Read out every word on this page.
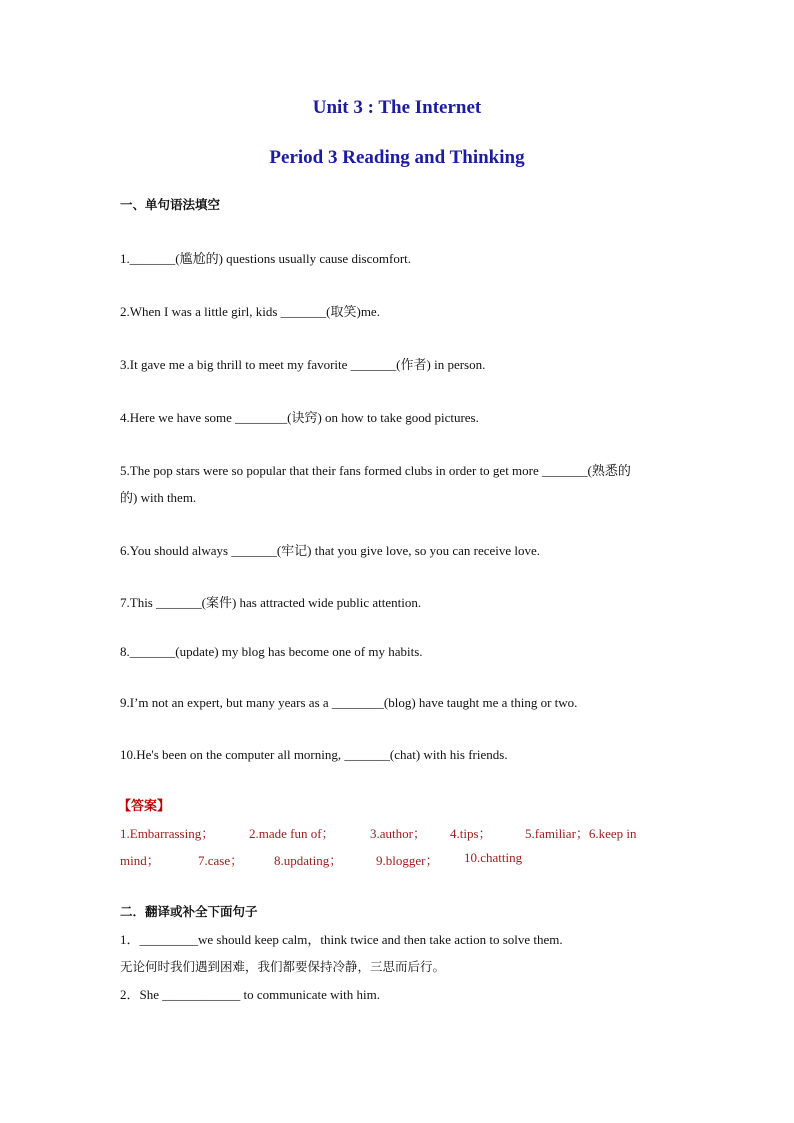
Unit 3 : The Internet
Period 3 Reading and Thinking
一、单句语法填空
1._______(尴尬的) questions usually cause discomfort.
2.When I was a little girl, kids _______(取笑)me.
3.It gave me a big thrill to meet my favorite _______(作者) in person.
4.Here we have some ________(诀窍) on how to take good pictures.
5.The pop stars were so popular that their fans formed clubs in order to get more _______(熟悉的
的) with them.
6.You should always _______(牢记) that you give love, so you can receive love.
7.This _______(案件) has attracted wide public attention.
8._______(update) my blog has become one of my habits.
9.I’m not an expert, but many years as a ________(blog) have taught me a thing or two.
10.He's been on the computer all morning, _______(chat) with his friends.
【答案】
1.Embarrassing；	2.made fun of；	3.author； 4.tips；	5.familiar；6.keep in
mind；	7.case； 8.updating；	9.blogger； 10.chatting
二．翻译或补全下面句子
1．_________we should keep calm，think twice and then take action to solve them.
无论何时我们遇到困难，我们都要保持冷静，三思而后行。
2．She ____________ to communicate with him.
